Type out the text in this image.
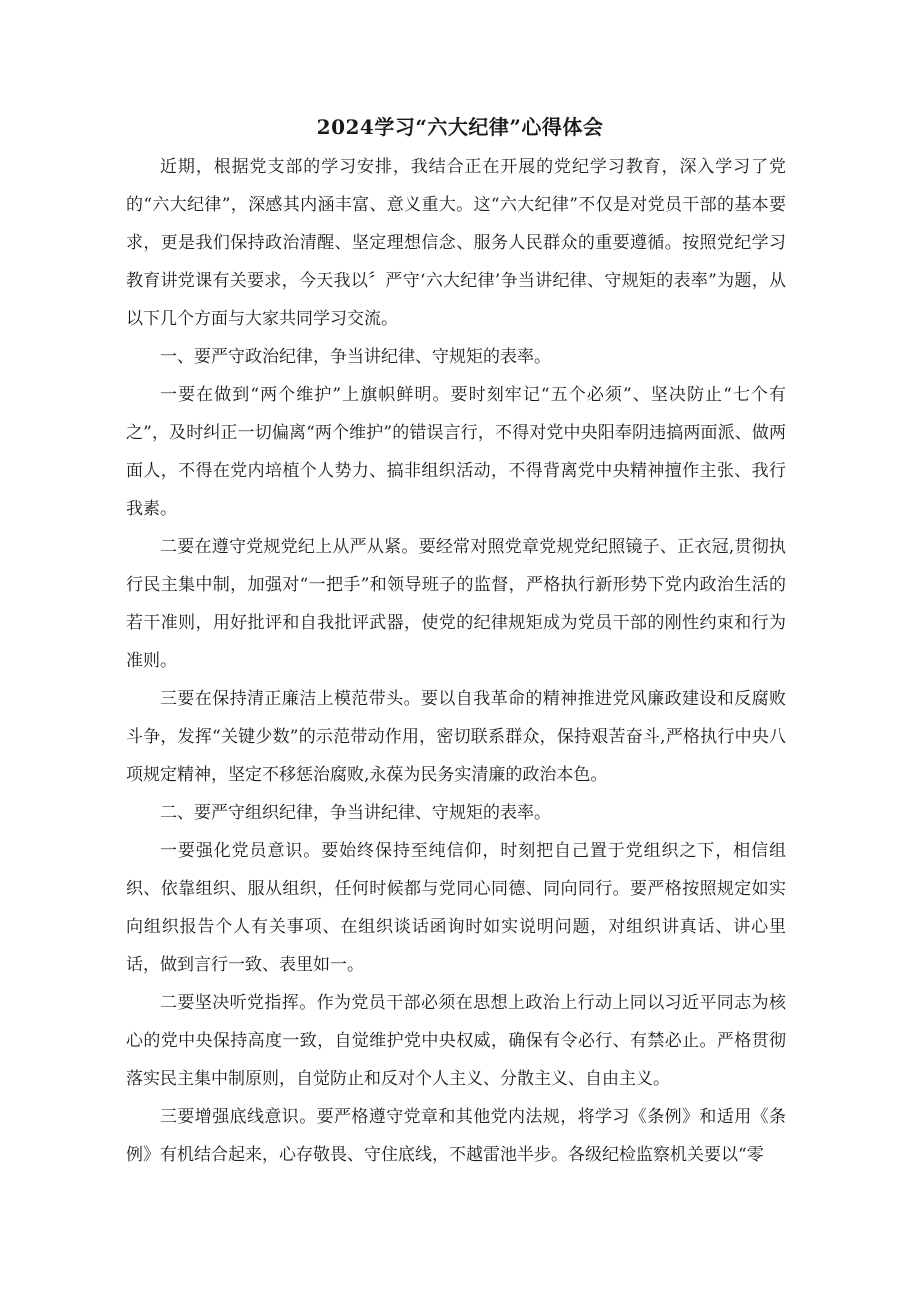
2024学习“六大纪律”心得体会

近期，根据党支部的学习安排，我结合正在开展的党纪学习教育，深入学习了党的“六大纪律”，深感其内涵丰富、意义重大。这“六大纪律”不仅是对党员干部的基本要求，更是我们保持政治清醒、坚定理想信念、服务人民群众的重要遵循。按照党纪学习教育讲党课有关要求，今天我以〞严守‘六大纪律’争当讲纪律、守规矩的表率”为题，从以下几个方面与大家共同学习交流。

一、要严守政治纪律，争当讲纪律、守规矩的表率。

一要在做到“两个维护”上旗帜鲜明。要时刻牢记“五个必须”、坚决防止“七个有之”，及时纠正一切偏离“两个维护”的错误言行，不得对党中央阳奉阴违搞两面派、做两面人，不得在党内培植个人势力、搞非组织活动，不得背离党中央精神擅作主张、我行我素。

二要在遵守党规党纪上从严从紧。要经常对照党章党规党纪照镜子、正衣冠,贯彻执行民主集中制，加强对“一把手”和领导班子的监督，严格执行新形势下党内政治生活的若干准则，用好批评和自我批评武器，使党的纪律规矩成为党员干部的刚性约束和行为准则。

三要在保持清正廉洁上模范带头。要以自我革命的精神推进党风廉政建设和反腐败斗争，发挥“关键少数”的示范带动作用，密切联系群众，保持艰苦奋斗,严格执行中央八项规定精神，坚定不移惩治腐败,永葆为民务实清廉的政治本色。

二、要严守组织纪律，争当讲纪律、守规矩的表率。

一要强化党员意识。要始终保持至纯信仰，时刻把自己置于党组织之下，相信组织、依靠组织、服从组织，任何时候都与党同心同德、同向同行。要严格按照规定如实向组织报告个人有关事项、在组织谈话函询时如实说明问题，对组织讲真话、讲心里话，做到言行一致、表里如一。

二要坚决听党指挥。作为党员干部必须在思想上政治上行动上同以习近平同志为核心的党中央保持高度一致，自觉维护党中央权威，确保有令必行、有禁必止。严格贯彻落实民主集中制原则，自觉防止和反对个人主义、分散主义、自由主义。

三要增强底线意识。要严格遵守党章和其他党内法规，将学习《条例》和适用《条例》有机结合起来，心存敬畏、守住底线，不越雷池半步。各级纪检监察机关要以“零
